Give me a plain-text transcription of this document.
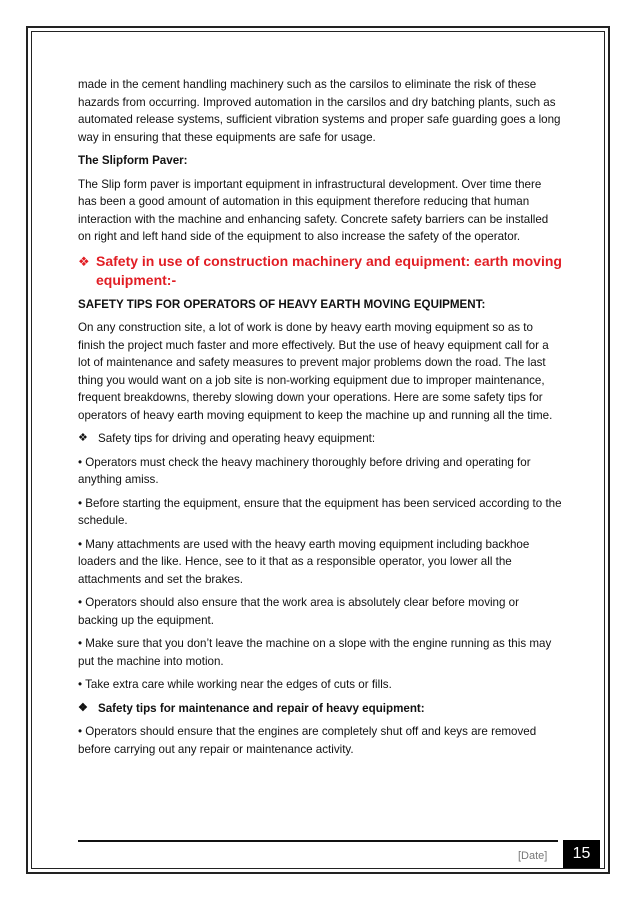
made in the cement handling machinery such as the carsilos to eliminate the risk of these hazards from occurring. Improved automation in the carsilos and dry batching plants, such as automated release systems, sufficient vibration systems and proper safe guarding goes a long way in ensuring that these equipments are safe for usage.

The Slipform Paver:

The Slip form paver is important equipment in infrastructural development. Over time there has been a good amount of automation in this equipment therefore reducing that human interaction with the machine and enhancing safety. Concrete safety barriers can be installed on right and left hand side of the equipment to also increase the safety of the operator.

❖ Safety in use of construction machinery and equipment: earth moving equipment:-

SAFETY TIPS FOR OPERATORS OF HEAVY EARTH MOVING EQUIPMENT:

On any construction site, a lot of work is done by heavy earth moving equipment so as to finish the project much faster and more effectively. But the use of heavy equipment call for a lot of maintenance and safety measures to prevent major problems down the road. The last thing you would want on a job site is non-working equipment due to improper maintenance, frequent breakdowns, thereby slowing down your operations. Here are some safety tips for operators of heavy earth moving equipment to keep the machine up and running all the time.

❖ Safety tips for driving and operating heavy equipment:

• Operators must check the heavy machinery thoroughly before driving and operating for anything amiss.

• Before starting the equipment, ensure that the equipment has been serviced according to the schedule.

• Many attachments are used with the heavy earth moving equipment including backhoe loaders and the like. Hence, see to it that as a responsible operator, you lower all the attachments and set the brakes.

• Operators should also ensure that the work area is absolutely clear before moving or backing up the equipment.

• Make sure that you don’t leave the machine on a slope with the engine running as this may put the machine into motion.

• Take extra care while working near the edges of cuts or fills.

❖ Safety tips for maintenance and repair of heavy equipment:

• Operators should ensure that the engines are completely shut off and keys are removed before carrying out any repair or maintenance activity.

[Date]	15
